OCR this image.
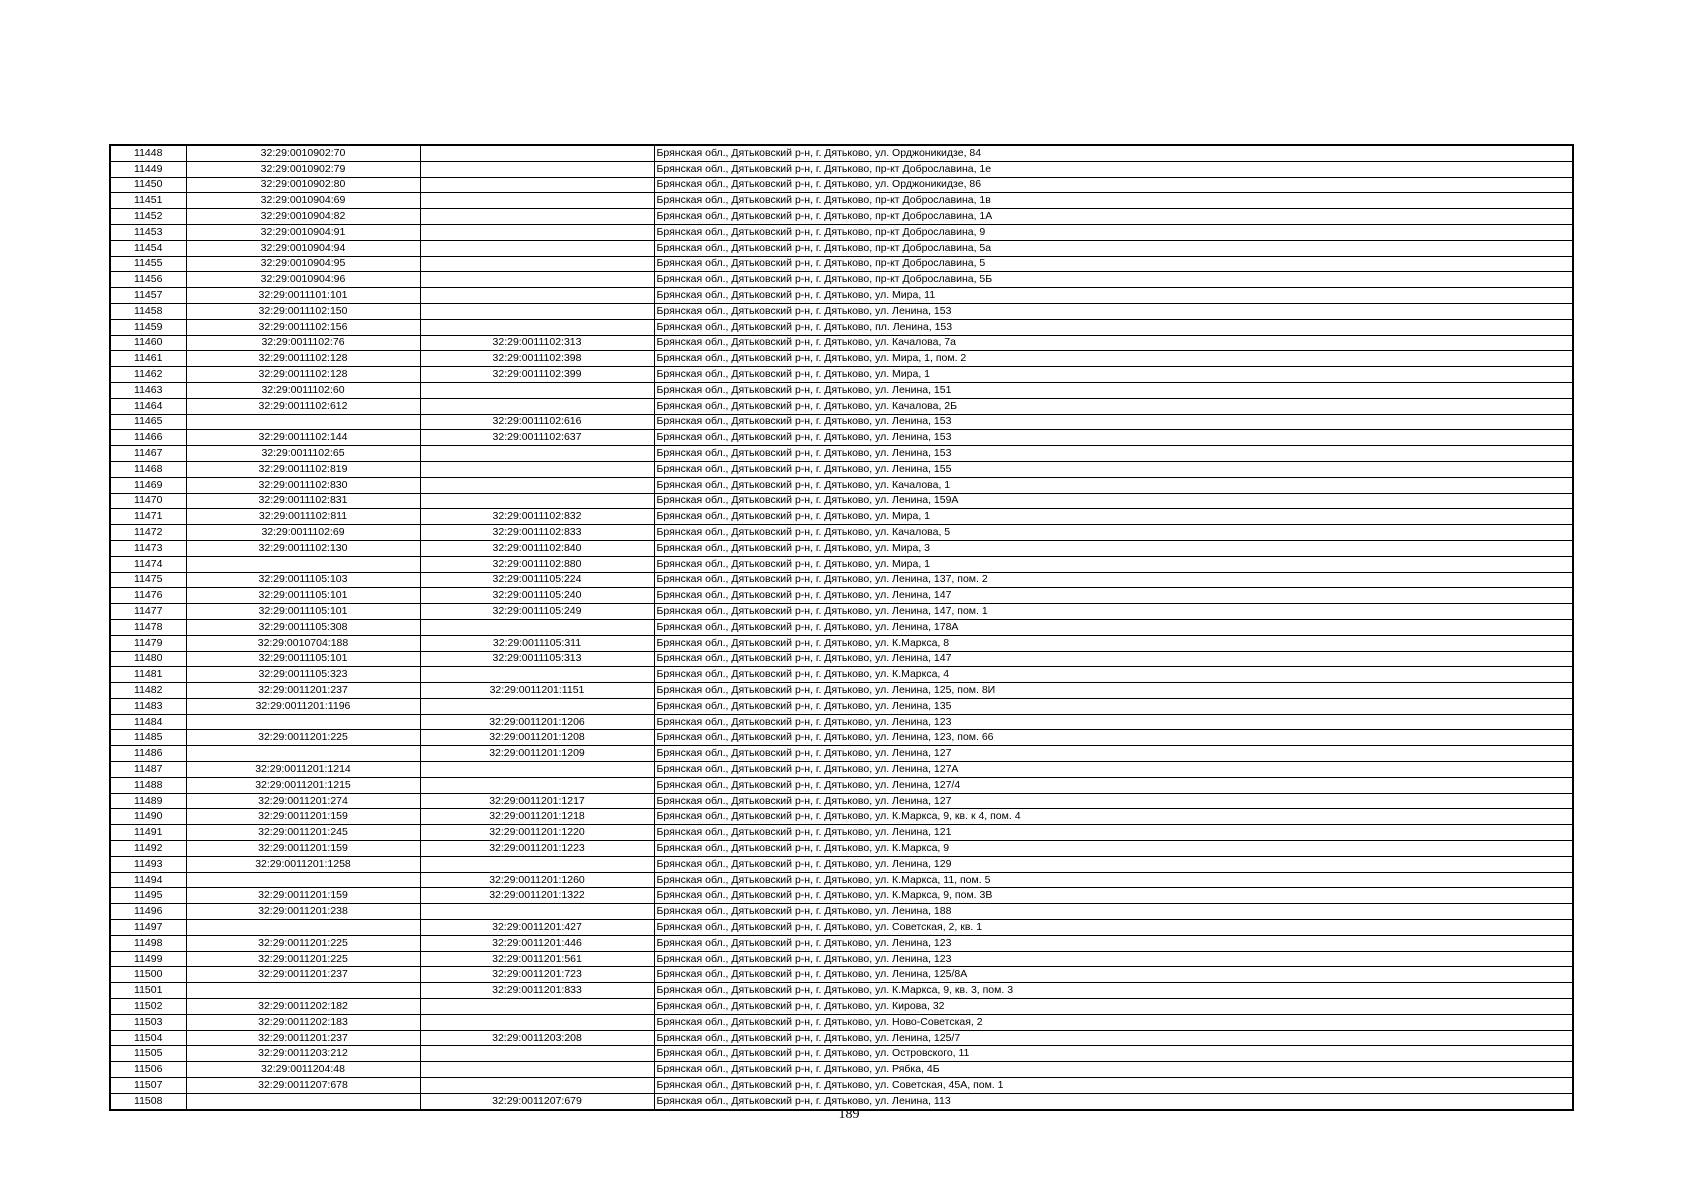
11448	32:29:0010902:70		Брянская обл., Дятьковский р-н, г. Дятьково, ул. Орджоникидзе, 84
11449	32:29:0010902:79		Брянская обл., Дятьковский р-н, г. Дятьково, пр-кт Доброславина, 1е
11450	32:29:0010902:80		Брянская обл., Дятьковский р-н, г. Дятьково, ул. Орджоникидзе, 86
11451	32:29:0010904:69		Брянская обл., Дятьковский р-н, г. Дятьково, пр-кт Доброславина, 1в
11452	32:29:0010904:82		Брянская обл., Дятьковский р-н, г. Дятьково, пр-кт Доброславина, 1А
11453	32:29:0010904:91		Брянская обл., Дятьковский р-н, г. Дятьково, пр-кт Доброславина, 9
11454	32:29:0010904:94		Брянская обл., Дятьковский р-н, г. Дятьково, пр-кт Доброславина, 5а
11455	32:29:0010904:95		Брянская обл., Дятьковский р-н, г. Дятьково, пр-кт Доброславина, 5
11456	32:29:0010904:96		Брянская обл., Дятьковский р-н, г. Дятьково, пр-кт Доброславина, 5Б
11457	32:29:0011101:101		Брянская обл., Дятьковский р-н, г. Дятьково, ул. Мира, 11
11458	32:29:0011102:150		Брянская обл., Дятьковский р-н, г. Дятьково, ул. Ленина, 153
11459	32:29:0011102:156		Брянская обл., Дятьковский р-н, г. Дятьково, пл. Ленина, 153
11460	32:29:0011102:76	32:29:0011102:313	Брянская обл., Дятьковский р-н, г. Дятьково, ул. Качалова, 7а
11461	32:29:0011102:128	32:29:0011102:398	Брянская обл., Дятьковский р-н, г. Дятьково, ул. Мира, 1, пом. 2
11462	32:29:0011102:128	32:29:0011102:399	Брянская обл., Дятьковский р-н, г. Дятьково, ул. Мира, 1
11463	32:29:0011102:60		Брянская обл., Дятьковский р-н, г. Дятьково, ул. Ленина, 151
11464	32:29:0011102:612		Брянская обл., Дятьковский р-н, г. Дятьково, ул. Качалова, 2Б
11465		32:29:0011102:616	Брянская обл., Дятьковский р-н, г. Дятьково, ул. Ленина, 153
11466	32:29:0011102:144	32:29:0011102:637	Брянская обл., Дятьковский р-н, г. Дятьково, ул. Ленина, 153
11467	32:29:0011102:65		Брянская обл., Дятьковский р-н, г. Дятьково, ул. Ленина, 153
11468	32:29:0011102:819		Брянская обл., Дятьковский р-н, г. Дятьково, ул. Ленина, 155
11469	32:29:0011102:830		Брянская обл., Дятьковский р-н, г. Дятьково, ул. Качалова, 1
11470	32:29:0011102:831		Брянская обл., Дятьковский р-н, г. Дятьково, ул. Ленина, 159А
11471	32:29:0011102:811	32:29:0011102:832	Брянская обл., Дятьковский р-н, г. Дятьково, ул. Мира, 1
11472	32:29:0011102:69	32:29:0011102:833	Брянская обл., Дятьковский р-н, г. Дятьково, ул. Качалова, 5
11473	32:29:0011102:130	32:29:0011102:840	Брянская обл., Дятьковский р-н, г. Дятьково, ул. Мира, 3
11474		32:29:0011102:880	Брянская обл., Дятьковский р-н, г. Дятьково, ул. Мира, 1
11475	32:29:0011105:103	32:29:0011105:224	Брянская обл., Дятьковский р-н, г. Дятьково, ул. Ленина, 137, пом. 2
11476	32:29:0011105:101	32:29:0011105:240	Брянская обл., Дятьковский р-н, г. Дятьково, ул. Ленина, 147
11477	32:29:0011105:101	32:29:0011105:249	Брянская обл., Дятьковский р-н, г. Дятьково, ул. Ленина, 147, пом. 1
11478	32:29:0011105:308		Брянская обл., Дятьковский р-н, г. Дятьково, ул. Ленина, 178А
11479	32:29:0010704:188	32:29:0011105:311	Брянская обл., Дятьковский р-н, г. Дятьково, ул. К.Маркса, 8
11480	32:29:0011105:101	32:29:0011105:313	Брянская обл., Дятьковский р-н, г. Дятьково, ул. Ленина, 147
11481	32:29:0011105:323		Брянская обл., Дятьковский р-н, г. Дятьково, ул. К.Маркса, 4
11482	32:29:0011201:237	32:29:0011201:1151	Брянская обл., Дятьковский р-н, г. Дятьково, ул. Ленина, 125, пом. 8И
11483	32:29:0011201:1196		Брянская обл., Дятьковский р-н, г. Дятьково, ул. Ленина, 135
11484		32:29:0011201:1206	Брянская обл., Дятьковский р-н, г. Дятьково, ул. Ленина, 123
11485	32:29:0011201:225	32:29:0011201:1208	Брянская обл., Дятьковский р-н, г. Дятьково, ул. Ленина, 123, пом. 66
11486		32:29:0011201:1209	Брянская обл., Дятьковский р-н, г. Дятьково, ул. Ленина, 127
11487	32:29:0011201:1214		Брянская обл., Дятьковский р-н, г. Дятьково, ул. Ленина, 127А
11488	32:29:0011201:1215		Брянская обл., Дятьковский р-н, г. Дятьково, ул. Ленина, 127/4
11489	32:29:0011201:274	32:29:0011201:1217	Брянская обл., Дятьковский р-н, г. Дятьково, ул. Ленина, 127
11490	32:29:0011201:159	32:29:0011201:1218	Брянская обл., Дятьковский р-н, г. Дятьково, ул. К.Маркса, 9, кв. к 4, пом. 4
11491	32:29:0011201:245	32:29:0011201:1220	Брянская обл., Дятьковский р-н, г. Дятьково, ул. Ленина, 121
11492	32:29:0011201:159	32:29:0011201:1223	Брянская обл., Дятьковский р-н, г. Дятьково, ул. К.Маркса, 9
11493	32:29:0011201:1258		Брянская обл., Дятьковский р-н, г. Дятьково, ул. Ленина, 129
11494		32:29:0011201:1260	Брянская обл., Дятьковский р-н, г. Дятьково, ул. К.Маркса, 11, пом. 5
11495	32:29:0011201:159	32:29:0011201:1322	Брянская обл., Дятьковский р-н, г. Дятьково, ул. К.Маркса, 9, пом. 3В
11496	32:29:0011201:238		Брянская обл., Дятьковский р-н, г. Дятьково, ул. Ленина, 188
11497		32:29:0011201:427	Брянская обл., Дятьковский р-н, г. Дятьково, ул. Советская, 2, кв. 1
11498	32:29:0011201:225	32:29:0011201:446	Брянская обл., Дятьковский р-н, г. Дятьково, ул. Ленина, 123
11499	32:29:0011201:225	32:29:0011201:561	Брянская обл., Дятьковский р-н, г. Дятьково, ул. Ленина, 123
11500	32:29:0011201:237	32:29:0011201:723	Брянская обл., Дятьковский р-н, г. Дятьково, ул. Ленина, 125/8А
11501		32:29:0011201:833	Брянская обл., Дятьковский р-н, г. Дятьково, ул. К.Маркса, 9, кв. 3, пом. 3
11502	32:29:0011202:182		Брянская обл., Дятьковский р-н, г. Дятьково, ул. Кирова, 32
11503	32:29:0011202:183		Брянская обл., Дятьковский р-н, г. Дятьково, ул. Ново-Советская, 2
11504	32:29:0011201:237	32:29:0011203:208	Брянская обл., Дятьковский р-н, г. Дятьково, ул. Ленина, 125/7
11505	32:29:0011203:212		Брянская обл., Дятьковский р-н, г. Дятьково, ул. Островского, 11
11506	32:29:0011204:48		Брянская обл., Дятьковский р-н, г. Дятьково, ул. Рябка, 4Б
11507	32:29:0011207:678		Брянская обл., Дятьковский р-н, г. Дятьково, ул. Советская, 45А, пом. 1
11508		32:29:0011207:679	Брянская обл., Дятьковский р-н, г. Дятьково, ул. Ленина, 113
189
